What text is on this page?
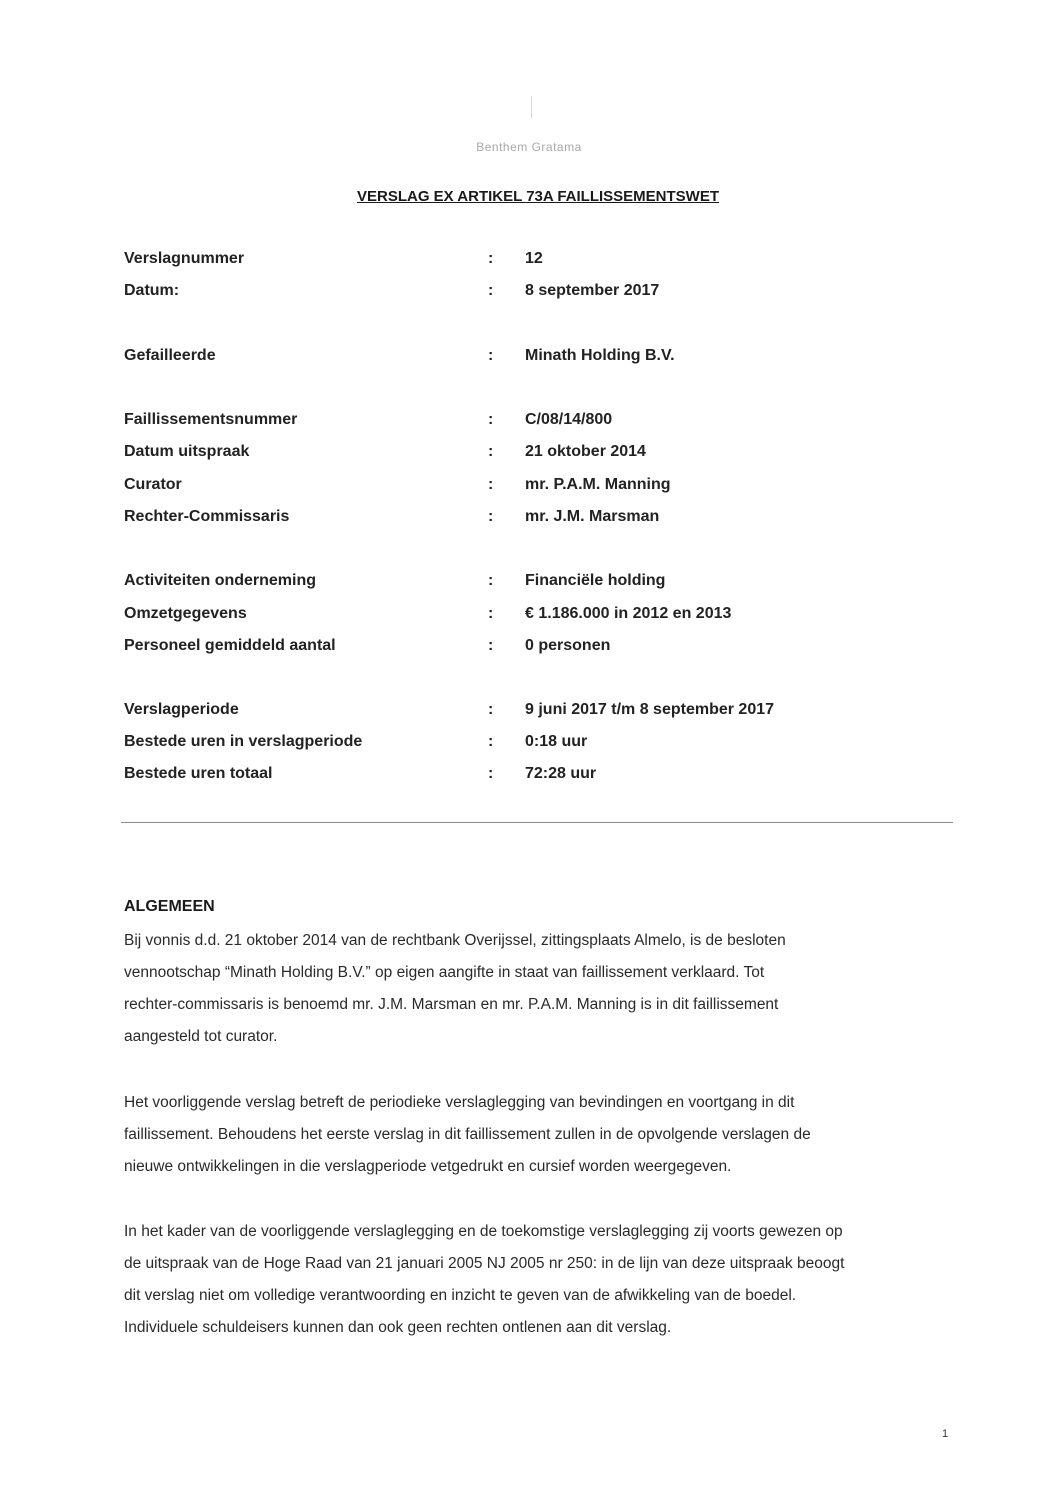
Benthem Gratama
VERSLAG EX ARTIKEL 73A FAILLISSEMENTSWET
Verslagnummer	: 12
Datum:	: 8 september 2017
Gefailleerde	: Minath Holding B.V.
Faillissementsnummer	: C/08/14/800
Datum uitspraak	: 21 oktober 2014
Curator	: mr. P.A.M. Manning
Rechter-Commissaris	: mr. J.M. Marsman
Activiteiten onderneming	: Financiële holding
Omzetgegevens	: € 1.186.000 in 2012 en 2013
Personeel gemiddeld aantal	: 0 personen
Verslagperiode	: 9 juni 2017 t/m 8 september 2017
Bestede uren in verslagperiode	: 0:18 uur
Bestede uren totaal	: 72:28 uur
ALGEMEEN
Bij vonnis d.d. 21 oktober 2014 van de rechtbank Overijssel, zittingsplaats Almelo, is de besloten
vennootschap “Minath Holding B.V.” op eigen aangifte in staat van faillissement verklaard. Tot
rechter-commissaris is benoemd mr. J.M. Marsman en mr. P.A.M. Manning is in dit faillissement
aangesteld tot curator.
Het voorliggende verslag betreft de periodieke verslaglegging van bevindingen en voortgang in dit
faillissement. Behoudens het eerste verslag in dit faillissement zullen in de opvolgende verslagen de
nieuwe ontwikkelingen in die verslagperiode vetgedrukt en cursief worden weergegeven.
In het kader van de voorliggende verslaglegging en de toekomstige verslaglegging zij voorts gewezen op
de uitspraak van de Hoge Raad van 21 januari 2005 NJ 2005 nr 250: in de lijn van deze uitspraak beoogt
dit verslag niet om volledige verantwoording en inzicht te geven van de afwikkeling van de boedel.
Individuele schuldeisers kunnen dan ook geen rechten ontlenen aan dit verslag.
1
